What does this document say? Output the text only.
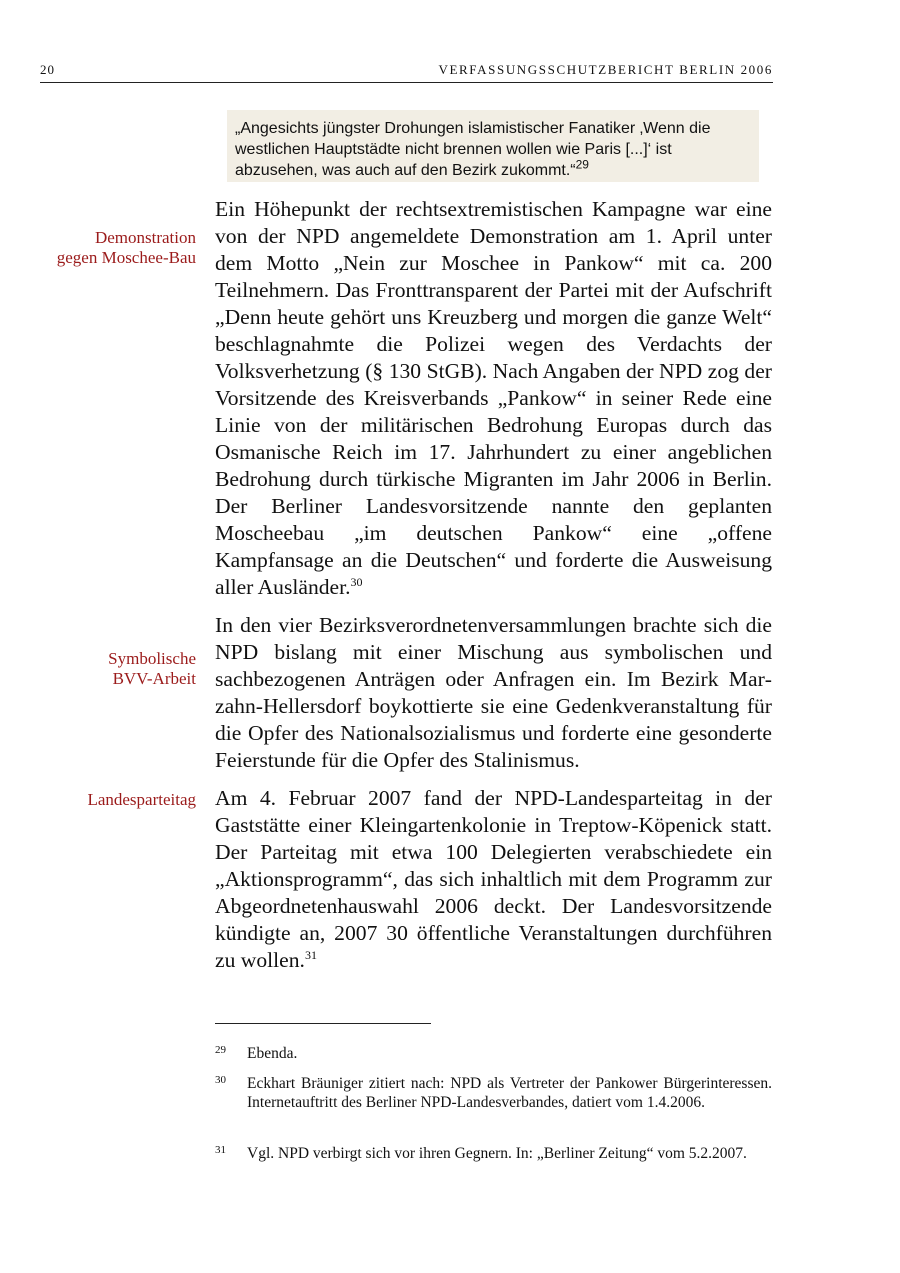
20	VERFASSUNGSSCHUTZBERICHT BERLIN 2006
„Angesichts jüngster Drohungen islamistischer Fanatiker ‚Wenn die westlichen Hauptstädte nicht brennen wollen wie Paris [...]‘ ist abzusehen, was auch auf den Bezirk zukommt.“$^{29}$
Demonstration
gegen Moschee-Bau
Symbolische
BVV-Arbeit
Landesparteitag

Ein Höhepunkt der rechtsextremistischen Kampagne war eine von der NPD angemeldete Demonstration am 1. April unter dem Motto „Nein zur Moschee in Pankow“ mit ca. 200 Teilnehmern. Das Fronttransparent der Partei mit der Aufschrift „Denn heute gehört uns Kreuzberg und morgen die ganze Welt“ beschlagnahmte die Polizei wegen des Verdachts der Volksverhetzung (§ 130 StGB). Nach Angaben der NPD zog der Vorsitzende des Kreisverbands „Pankow“ in seiner Rede eine Linie von der militärischen Bedrohung Europas durch das Osmanische Reich im 17. Jahrhundert zu einer angeblichen Bedrohung durch türkische Migranten im Jahr 2006 in Berlin. Der Berliner Landesvorsitzende nannte den geplanten Moscheebau „im deutschen Pankow“ eine „offene Kampfansage an die Deutschen“ und forderte die Ausweisung aller Ausländer.$^{30}$

In den vier Bezirksverordnetenversammlungen brachte sich die NPD bislang mit einer Mischung aus symbolischen und sachbezogenen Anträgen oder Anfragen ein. Im Bezirk Marzahn-Hellersdorf boykottierte sie eine Gedenkveranstaltung für die Opfer des Nationalsozialismus und forderte eine gesonderte Feierstunde für die Opfer des Stalinismus.

Am 4. Februar 2007 fand der NPD-Landesparteitag in der Gaststätte einer Kleingartenkolonie in Treptow-Köpenick statt. Der Parteitag mit etwa 100 Delegierten verabschiedete ein „Aktionsprogramm“, das sich inhaltlich mit dem Programm zur Abgeordnetenhauswahl 2006 deckt. Der Landesvorsitzende kündigte an, 2007 30 öffentliche Veranstaltungen durchführen zu wollen.$^{31}$

29 Ebenda.
30 Eckhart Bräuniger zitiert nach: NPD als Vertreter der Pankower Bürgerinteressen. Internetauftritt des Berliner NPD-Landesverbandes, datiert vom 1.4.2006.
31 Vgl. NPD verbirgt sich vor ihren Gegnern. In: „Berliner Zeitung“ vom 5.2.2007.
